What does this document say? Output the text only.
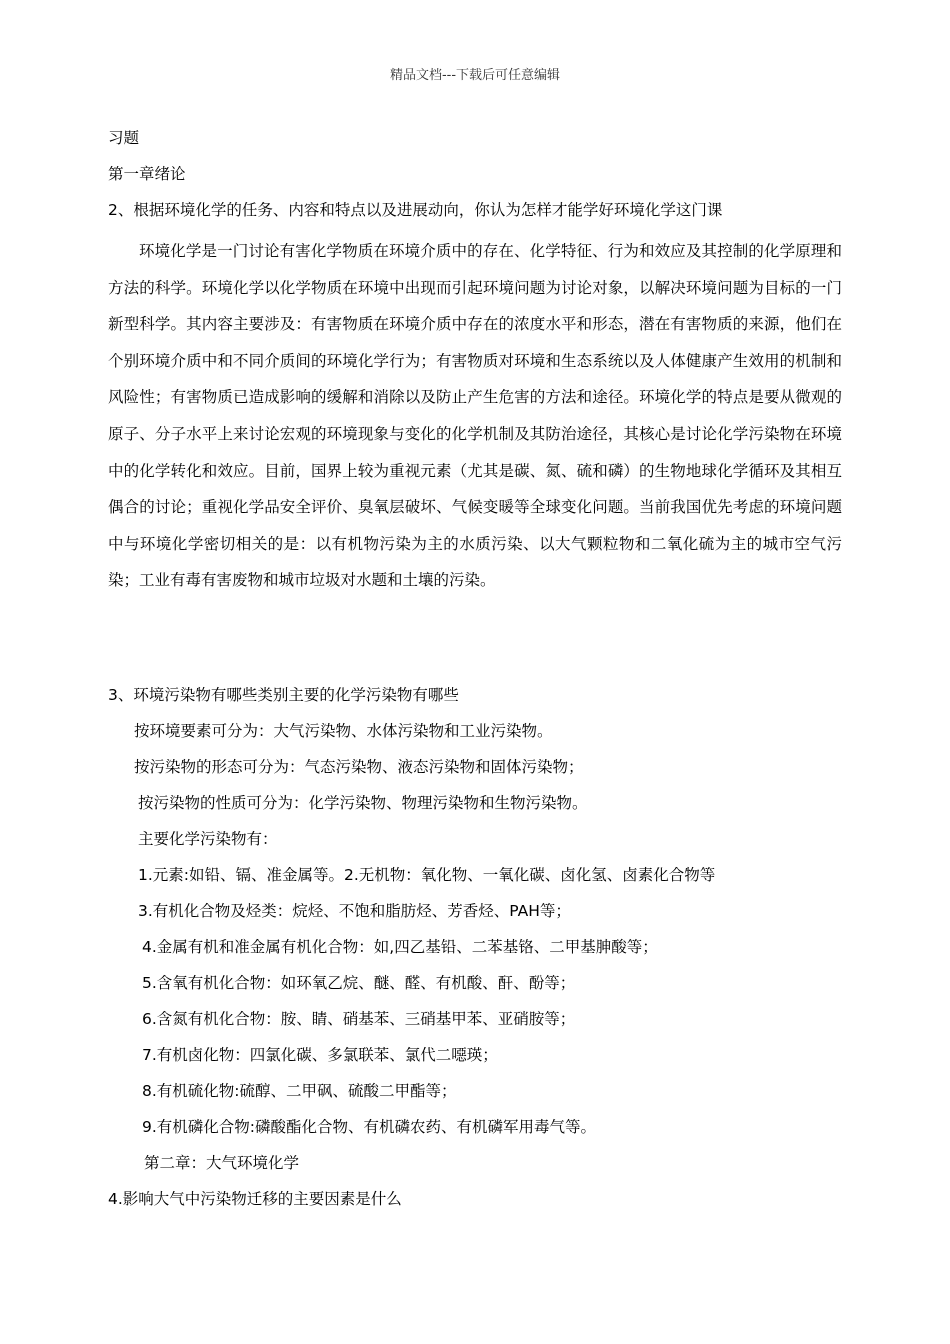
精品文档---下载后可任意编辑
习题
第一章绪论
2、根据环境化学的任务、内容和特点以及进展动向，你认为怎样才能学好环境化学这门课

环境化学是一门讨论有害化学物质在环境介质中的存在、化学特征、行为和效应及其控制的化学原理和方法的科学。环境化学以化学物质在环境中出现而引起环境问题为讨论对象，以解决环境问题为目标的一门新型科学。其内容主要涉及：有害物质在环境介质中存在的浓度水平和形态，潜在有害物质的来源，他们在个别环境介质中和不同介质间的环境化学行为；有害物质对环境和生态系统以及人体健康产生效用的机制和风险性；有害物质已造成影响的缓解和消除以及防止产生危害的方法和途径。环境化学的特点是要从微观的原子、分子水平上来讨论宏观的环境现象与变化的化学机制及其防治途径，其核心是讨论化学污染物在环境中的化学转化和效应。目前，国界上较为重视元素（尤其是碳、氮、硫和磷）的生物地球化学循环及其相互偶合的讨论；重视化学品安全评价、臭氧层破坏、气候变暖等全球变化问题。当前我国优先考虑的环境问题中与环境化学密切相关的是：以有机物污染为主的水质污染、以大气颗粒物和二氧化硫为主的城市空气污染；工业有毒有害废物和城市垃圾对水题和土壤的污染。

3、环境污染物有哪些类别主要的化学污染物有哪些
按环境要素可分为：大气污染物、水体污染物和工业污染物。
按污染物的形态可分为：气态污染物、液态污染物和固体污染物；
按污染物的性质可分为：化学污染物、物理污染物和生物污染物。
主要化学污染物有：
1.元素:如铅、镉、准金属等。2.无机物：氧化物、一氧化碳、卤化氢、卤素化合物等
3.有机化合物及烃类：烷烃、不饱和脂肪烃、芳香烃、PAH等；
4.金属有机和准金属有机化合物：如,四乙基铅、二苯基铬、二甲基胂酸等；
5.含氧有机化合物：如环氧乙烷、醚、醛、有机酸、酐、酚等；
6.含氮有机化合物：胺、睛、硝基苯、三硝基甲苯、亚硝胺等；
7.有机卤化物：四氯化碳、多氯联苯、氯代二噁瑛；
8.有机硫化物:硫醇、二甲砜、硫酸二甲酯等；
9.有机磷化合物:磷酸酯化合物、有机磷农药、有机磷军用毒气等。
第二章：大气环境化学
4.影响大气中污染物迁移的主要因素是什么
